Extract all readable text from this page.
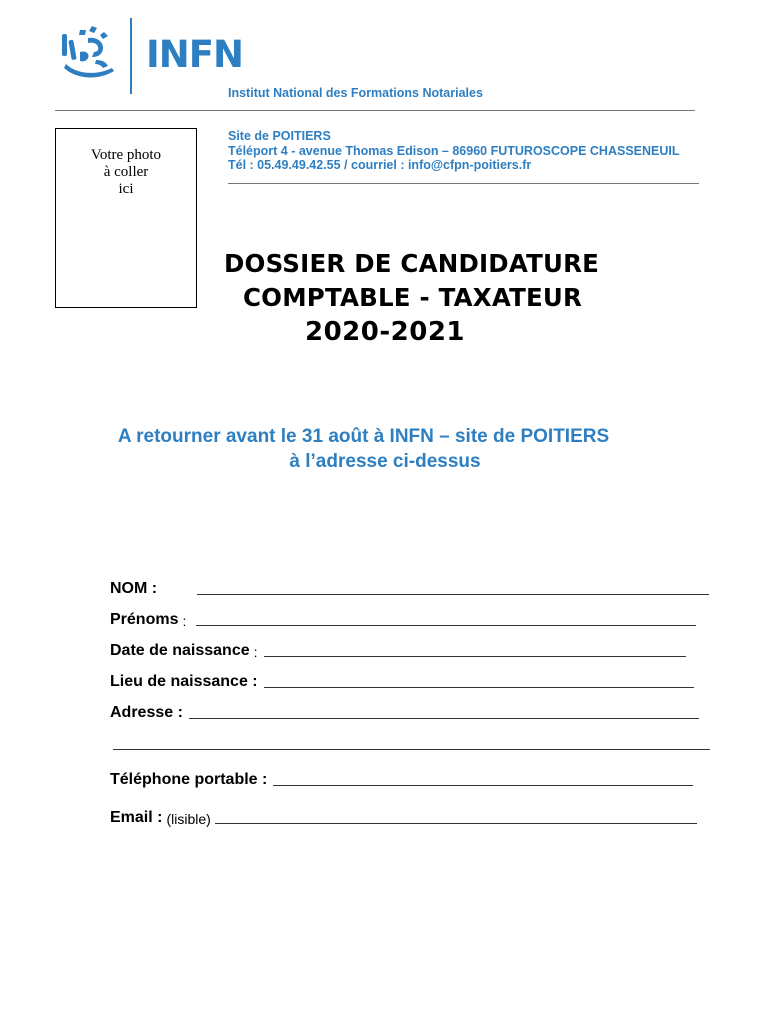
INFN
Institut National des Formations Notariales
Votre photo
à coller
ici
Site de POITIERS
Téléport 4 - avenue Thomas Edison – 86960 FUTUROSCOPE CHASSENEUIL
Tél : 05.49.49.42.55 / courriel : info@cfpn-poitiers.fr
DOSSIER DE CANDIDATURE
COMPTABLE - TAXATEUR
2020-2021
A retourner avant le 31 août à INFN – site de POITIERS
à l’adresse ci-dessus
NOM :
Prénoms :
Date de naissance :
Lieu de naissance :
Adresse :
Téléphone portable :
Email : (lisible)
